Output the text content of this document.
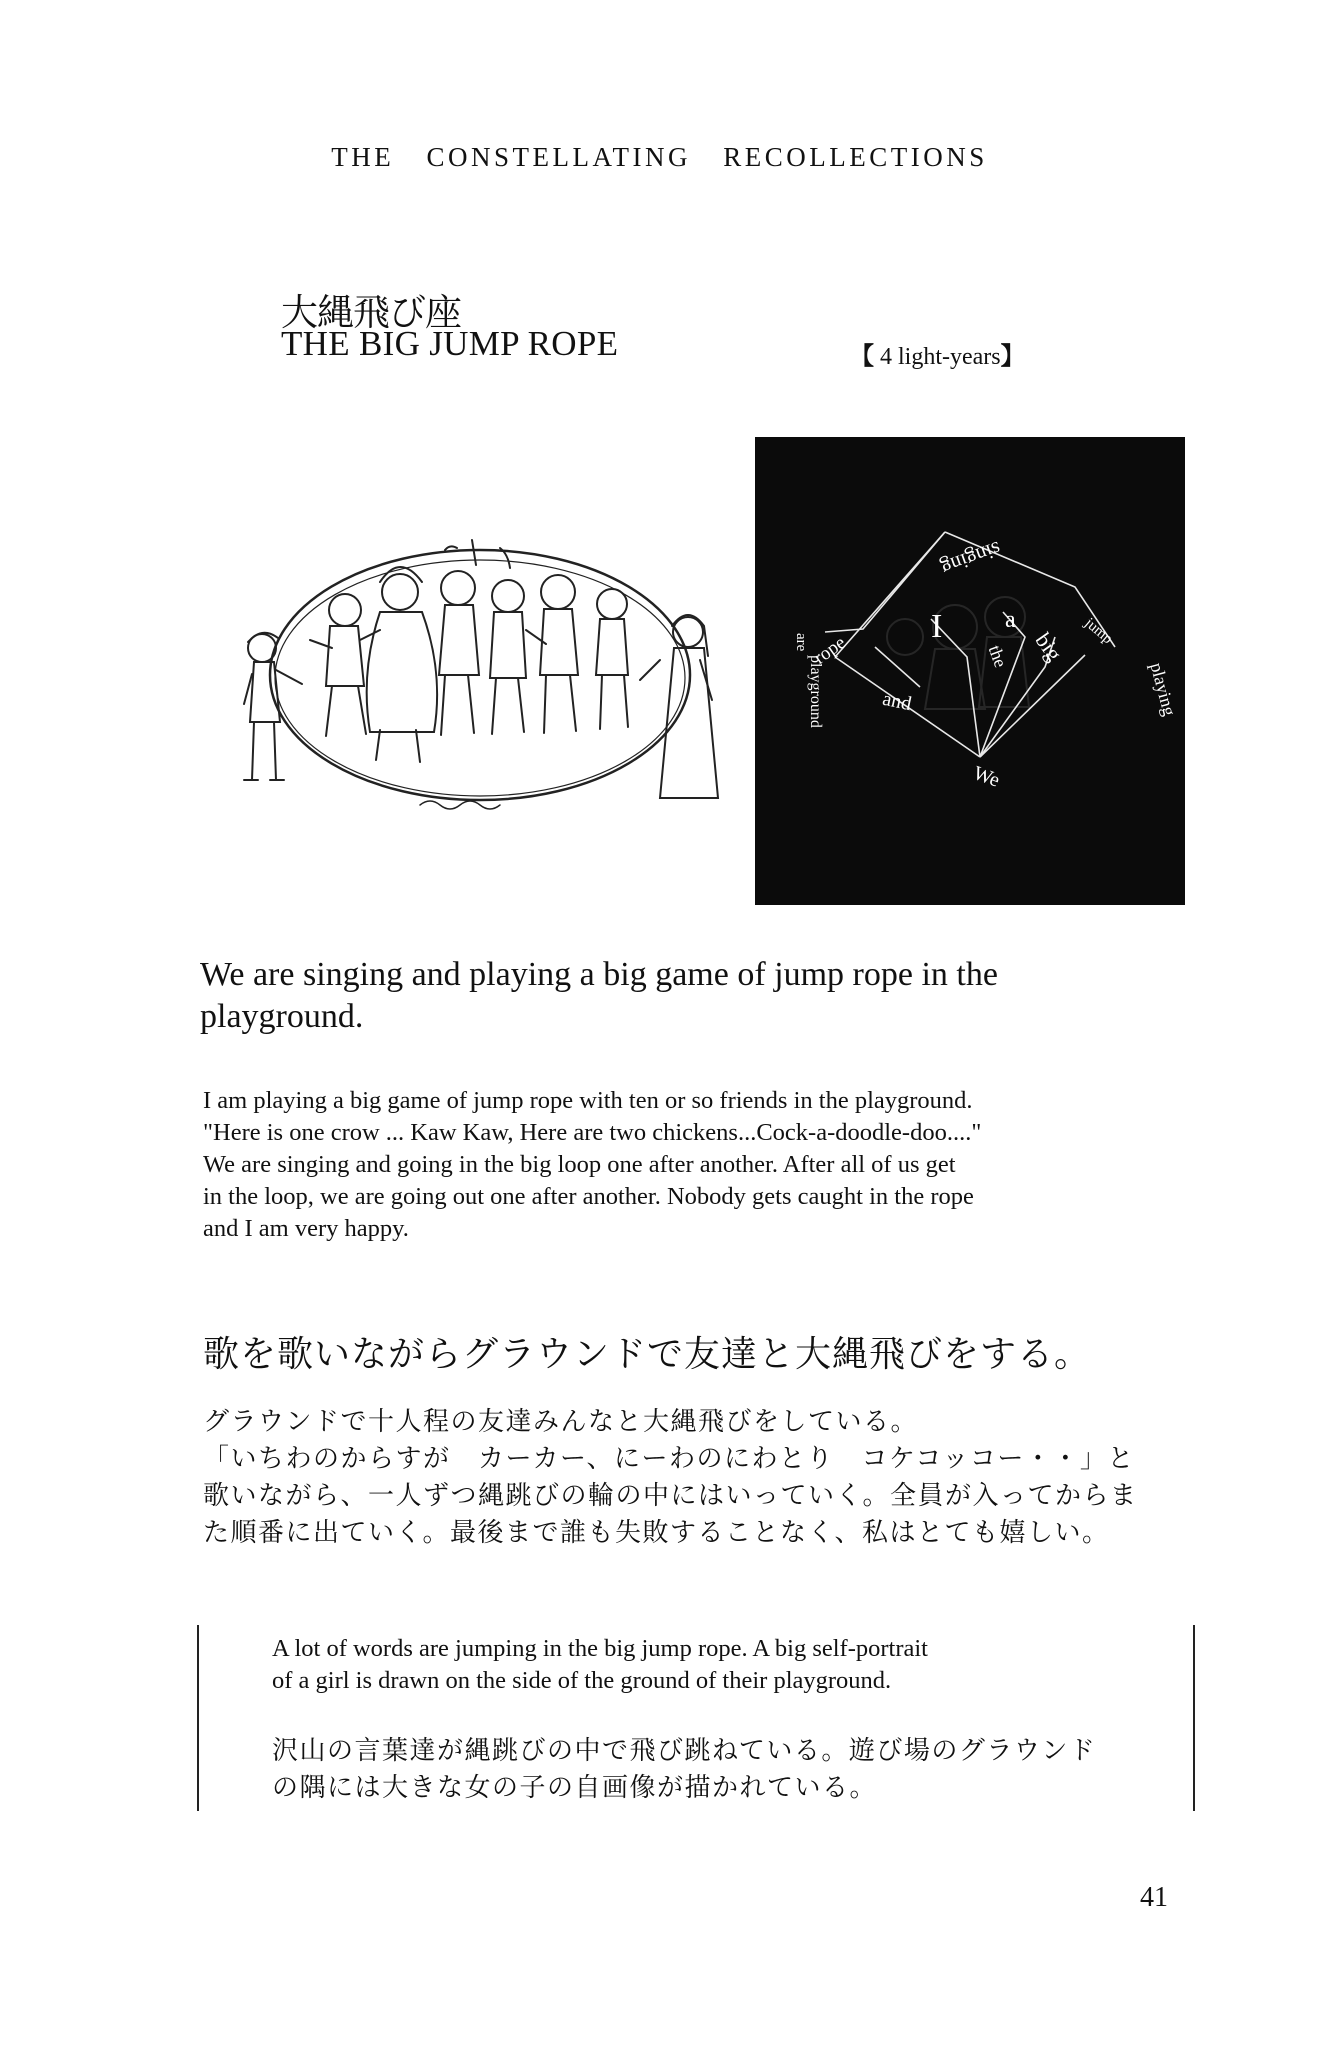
THE CONSTELLATING RECOLLECTIONS
大縄飛び座
THE BIG JUMP ROPE	【 4 light-years】
singing
I	a
big jump
playing
the
rope
are
playground	and
We
We are singing and playing a big game of jump rope in the playground.
I am playing a big game of jump rope with ten or so friends in the playground.
"Here is one crow ... Kaw Kaw, Here are two chickens...Cock-a-doodle-doo...."
We are singing and going in the big loop one after another. After all of us get
in the loop, we are going out one after another. Nobody gets caught in the rope
and I am very happy.
歌を歌いながらグラウンドで友達と大縄飛びをする。
グラウンドで十人程の友達みんなと大縄飛びをしている。
「いちわのからすが　カーカー、にーわのにわとり　コケコッコー・・」と
歌いながら、一人ずつ縄跳びの輪の中にはいっていく。全員が入ってからま
た順番に出ていく。最後まで誰も失敗することなく、私はとても嬉しい。
A lot of words are jumping in the big jump rope. A big self-portrait
of a girl is drawn on the side of the ground of their playground.
沢山の言葉達が縄跳びの中で飛び跳ねている。遊び場のグラウンド
の隅には大きな女の子の自画像が描かれている。
41
